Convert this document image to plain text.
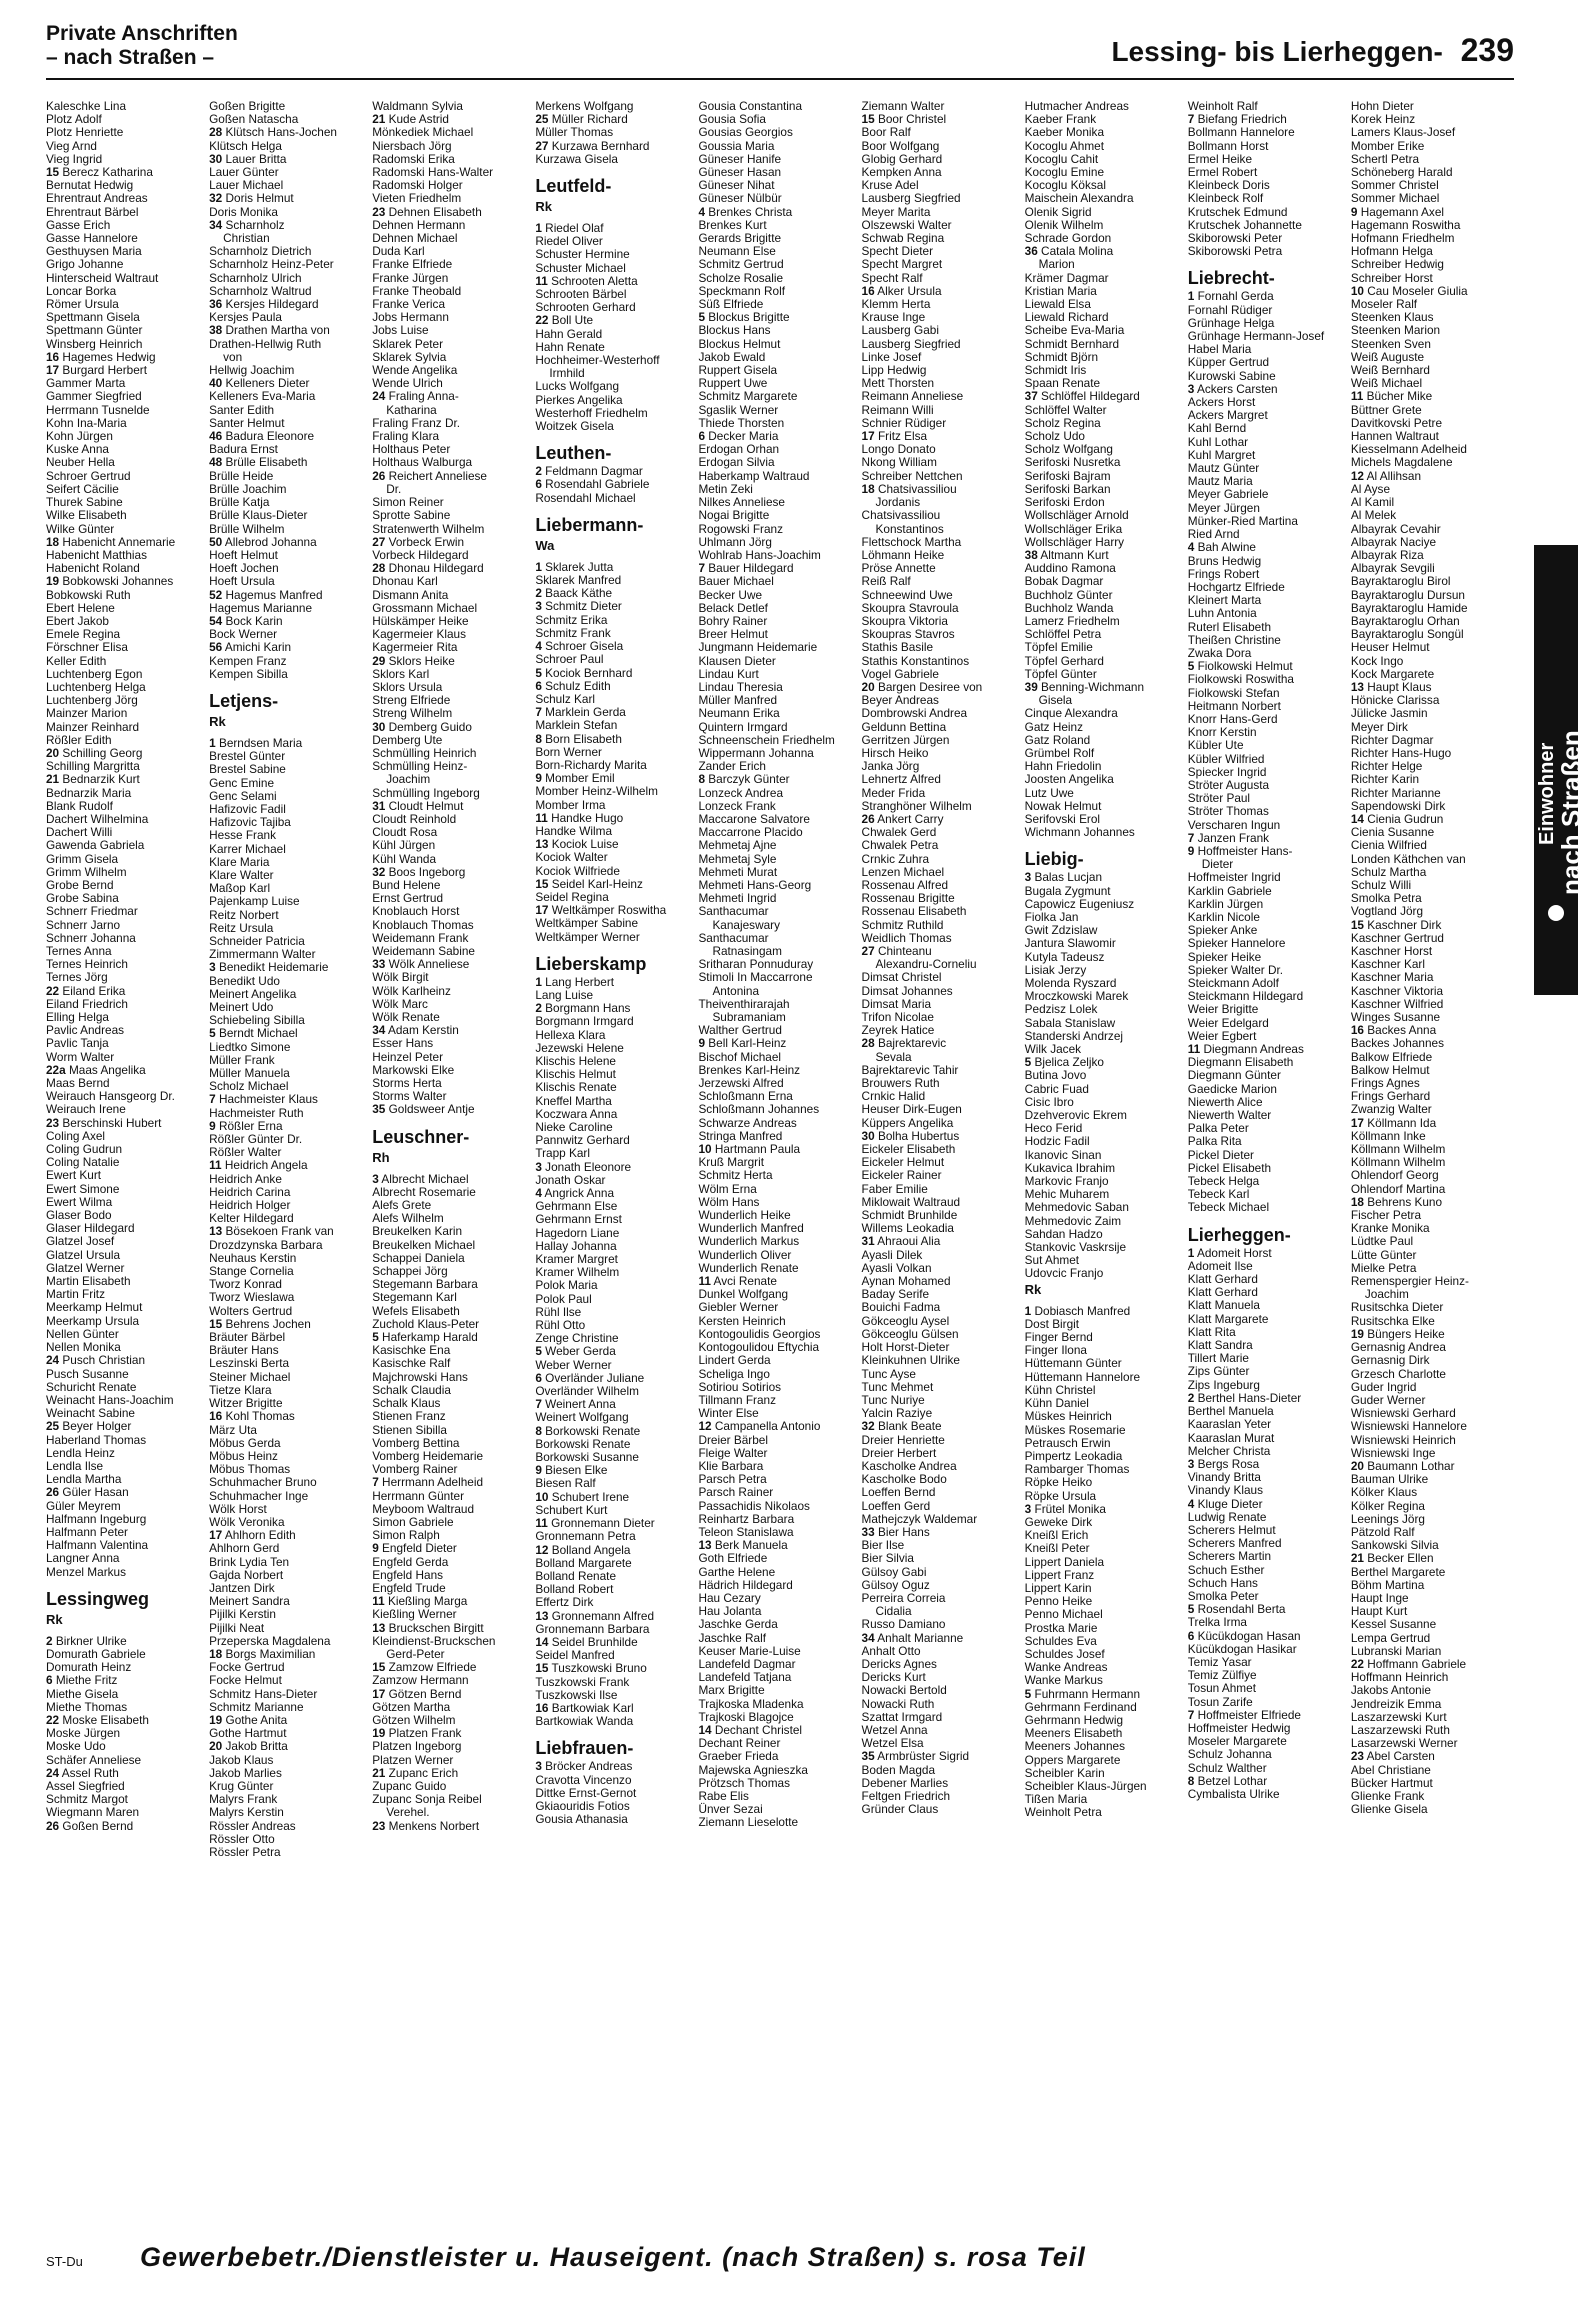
Private Anschriften
– nach Straßen –	Lessing- bis Lierheggen- 239
Kaleschke Lina
Plotz Adolf
Plotz Henriette
Vieg Arnd
Vieg Ingrid
15 Berecz Katharina
Bernutat Hedwig
Ehrentraut Andreas
Ehrentraut Bärbel
Gasse Erich
Gasse Hannelore
Gesthuysen Maria
Grigo Johanne
Hinterscheid Waltraut
Loncar Borka
Römer Ursula
Spettmann Gisela
Spettmann Günter
Winsberg Heinrich
16 Hagemes Hedwig
17 Burgard Herbert
Gammer Marta
Gammer Siegfried
Herrmann Tusnelde
Kohn Ina-Maria
Kohn Jürgen
Kuske Anna
Neuber Hella
Schroer Gertrud
Seifert Cäcilie
Thurek Sabine
Wilke Elisabeth
Wilke Günter
18 Habenicht Annemarie
Habenicht Matthias
Habenicht Roland
19 Bobkowski Johannes
Bobkowski Ruth
Ebert Helene
Ebert Jakob
Emele Regina
Förschner Elisa
Keller Edith
Luchtenberg Egon
Luchtenberg Helga
Luchtenberg Jörg
Mainzer Marion
Mainzer Reinhard
Rößler Edith
20 Schilling Georg
Schilling Margritta
21 Bednarzik Kurt
Bednarzik Maria
Blank Rudolf
Dachert Wilhelmina
Dachert Willi
Gawenda Gabriela
Grimm Gisela
Grimm Wilhelm
Grobe Bernd
Grobe Sabina
Schnerr Friedmar
Schnerr Jarno
Schnerr Johanna
Ternes Anna
Ternes Heinrich
Ternes Jörg
22 Eiland Erika
Eiland Friedrich
Elling Helga
Pavlic Andreas
Pavlic Tanja
Worm Walter
22a Maas Angelika
Maas Bernd
Weirauch Hansgeorg Dr.
Weirauch Irene
23 Berschinski Hubert
Coling Axel
Coling Gudrun
Coling Natalie
Ewert Kurt
Ewert Simone
Ewert Wilma
Glaser Bodo
Glaser Hildegard
Glatzel Josef
Glatzel Ursula
Glatzel Werner
Martin Elisabeth
Martin Fritz
Meerkamp Helmut
Meerkamp Ursula
Nellen Günter
Nellen Monika
24 Pusch Christian
Pusch Susanne
Schuricht Renate
Weinacht Hans-Joachim
Weinacht Sabine
25 Beyer Holger
Haberland Thomas
Lendla Heinz
Lendla Ilse
Lendla Martha
26 Güler Hasan
Güler Meyrem
Halfmann Ingeburg
Halfmann Peter
Halfmann Valentina
Langner Anna
Menzel Markus
Lessingweg
Rk
2 Birkner Ulrike
Domurath Gabriele
Domurath Heinz
6 Miethe Fritz
Miethe Gisela
Miethe Thomas
22 Moske Elisabeth
Moske Jürgen
Moske Udo
Schäfer Anneliese
24 Assel Ruth
Assel Siegfried
Schmitz Margot
Wiegmann Maren
26 Goßen Bernd
Goßen Brigitte
Goßen Natascha
28 Klütsch Hans-Jochen
Klütsch Helga
30 Lauer Britta
Lauer Günter
Lauer Michael
32 Doris Helmut
Doris Monika
34 Scharnholz
Christian
Scharnholz Dietrich
Scharnholz Heinz-Peter
Scharnholz Ulrich
Scharnholz Waltrud
36 Kersjes Hildegard
Kersjes Paula
38 Drathen Martha von
Drathen-Hellwig Ruth
von
Hellwig Joachim
40 Kelleners Dieter
Kelleners Eva-Maria
Santer Edith
Santer Helmut
46 Badura Eleonore
Badura Ernst
48 Brülle Elisabeth
Brülle Heide
Brülle Joachim
Brülle Katja
Brülle Klaus-Dieter
Brülle Wilhelm
50 Allebrod Johanna
Hoeft Helmut
Hoeft Jochen
Hoeft Ursula
52 Hagemus Manfred
Hagemus Marianne
54 Bock Karin
Bock Werner
56 Amichi Karin
Kempen Franz
Kempen Sibilla
Letjens-
Rk
1 Berndsen Maria
Brestel Günter
Brestel Sabine
Genc Emine
Genc Selami
Hafizovic Fadil
Hafizovic Tajiba
Hesse Frank
Karrer Michael
Klare Maria
Klare Walter
Maßop Karl
Pajenkamp Luise
Reitz Norbert
Reitz Ursula
Schneider Patricia
Zimmermann Walter
3 Benedikt Heidemarie
Benedikt Udo
Meinert Angelika
Meinert Udo
Schiebeling Sibilla
5 Berndt Michael
Liedtko Simone
Müller Frank
Müller Manuela
Scholz Michael
7 Hachmeister Klaus
Hachmeister Ruth
9 Rößler Erna
Rößler Günter Dr.
Rößler Walter
11 Heidrich Angela
Heidrich Anke
Heidrich Carina
Heidrich Holger
Kelter Hildegard
13 Bösekoen Frank van
Drozdzynska Barbara
Neuhaus Kerstin
Stange Cornelia
Tworz Konrad
Tworz Wieslawa
Wolters Gertrud
15 Behrens Jochen
Bräuter Bärbel
Bräuter Hans
Leszinski Berta
Steiner Michael
Tietze Klara
Witzer Brigitte
16 Kohl Thomas
März Uta
Möbus Gerda
Möbus Heinz
Möbus Thomas
Schuhmacher Bruno
Schuhmacher Inge
Wölk Horst
Wölk Veronika
17 Ahlhorn Edith
Ahlhorn Gerd
Brink Lydia Ten
Gajda Norbert
Jantzen Dirk
Meinert Sandra
Pijilki Kerstin
Pijilki Neat
Przeperska Magdalena
18 Borgs Maximilian
Focke Gertrud
Focke Helmut
Schmitz Hans-Dieter
Schmitz Marianne
19 Gothe Anita
Gothe Hartmut
20 Jakob Britta
Jakob Klaus
Jakob Marlies
Krug Günter
Malyrs Frank
Malyrs Kerstin
Rössler Andreas
Rössler Otto
Rössler Petra
Waldmann Sylvia
21 Kude Astrid
Mönkediek Michael
Niersbach Jörg
Radomski Erika
Radomski Hans-Walter
Radomski Holger
Vieten Friedhelm
23 Dehnen Elisabeth
Dehnen Hermann
Dehnen Michael
Duda Karl
Franke Elfriede
Franke Jürgen
Franke Theobald
Franke Verica
Jobs Hermann
Jobs Luise
Sklarek Peter
Sklarek Sylvia
Wende Angelika
Wende Ulrich
24 Fraling Anna-
Katharina
Fraling Franz Dr.
Fraling Klara
Holthaus Peter
Holthaus Walburga
26 Reichert Anneliese
Dr.
Simon Reiner
Sprotte Sabine
Stratenwerth Wilhelm
27 Vorbeck Erwin
Vorbeck Hildegard
28 Dhonau Hildegard
Dhonau Karl
Dismann Anita
Grossmann Michael
Hülskämper Heike
Kagermeier Klaus
Kagermeier Rita
29 Sklors Heike
Sklors Karl
Sklors Ursula
Streng Elfriede
Streng Wilhelm
30 Demberg Guido
Demberg Ute
Schmülling Heinrich
Schmülling Heinz-
Joachim
Schmülling Ingeborg
31 Cloudt Helmut
Cloudt Reinhold
Cloudt Rosa
Kühl Jürgen
Kühl Wanda
32 Boos Ingeborg
Bund Helene
Ernst Gertrud
Knoblauch Horst
Knoblauch Thomas
Weidemann Frank
Weidemann Sabine
33 Wölk Anneliese
Wölk Birgit
Wölk Karlheinz
Wölk Marc
Wölk Renate
34 Adam Kerstin
Esser Hans
Heinzel Peter
Markowski Elke
Storms Herta
Storms Walter
35 Goldsweer Antje
Leuschner-
Rh
3 Albrecht Michael
Albrecht Rosemarie
Alefs Grete
Alefs Wilhelm
Breukelken Karin
Breukelken Michael
Schappei Daniela
Schappei Jörg
Stegemann Barbara
Stegemann Karl
Wefels Elisabeth
Zuchold Klaus-Peter
5 Haferkamp Harald
Kasischke Ena
Kasischke Ralf
Majchrowski Hans
Schalk Claudia
Schalk Klaus
Stienen Franz
Stienen Sibilla
Vomberg Bettina
Vomberg Heidemarie
Vomberg Rainer
7 Herrmann Adelheid
Herrmann Günter
Meyboom Waltraud
Simon Gabriele
Simon Ralph
9 Engfeld Dieter
Engfeld Gerda
Engfeld Hans
Engfeld Trude
11 Kießling Marga
Kießling Werner
13 Bruckschen Birgitt
Kleindienst-Bruckschen
Gerd-Peter
15 Zamzow Elfriede
Zamzow Hermann
17 Götzen Bernd
Götzen Martha
Götzen Wilhelm
19 Platzen Frank
Platzen Ingeborg
Platzen Werner
21 Zupanc Erich
Zupanc Guido
Zupanc Sonja Reibel
Verehel.
23 Menkens Norbert
Merkens Wolfgang
25 Müller Richard
Müller Thomas
27 Kurzawa Bernhard
Kurzawa Gisela
Leutfeld-
Rk
1 Riedel Olaf
Riedel Oliver
Schuster Hermine
Schuster Michael
11 Schrooten Aletta
Schrooten Bärbel
Schrooten Gerhard
22 Boll Ute
Hahn Gerald
Hahn Renate
Hochheimer-Westerhoff
Irmhild
Lucks Wolfgang
Pierkes Angelika
Westerhoff Friedhelm
Woitzek Gisela
Leuthen-
2 Feldmann Dagmar
6 Rosendahl Gabriele
Rosendahl Michael
Liebermann-
Wa
1 Sklarek Jutta
Sklarek Manfred
2 Baack Käthe
3 Schmitz Dieter
Schmitz Erika
Schmitz Frank
4 Schroer Gisela
Schroer Paul
5 Kociok Bernhard
6 Schulz Edith
Schulz Karl
7 Marklein Gerda
Marklein Stefan
8 Born Elisabeth
Born Werner
Born-Richardy Marita
9 Momber Emil
Momber Heinz-Wilhelm
Momber Irma
11 Handke Hugo
Handke Wilma
13 Kociok Luise
Kociok Walter
Kociok Wilfriede
15 Seidel Karl-Heinz
Seidel Regina
17 Weltkämper Roswitha
Weltkämper Sabine
Weltkämper Werner
Lieberskamp
1 Lang Herbert
Lang Luise
2 Borgmann Hans
Borgmann Irmgard
Hellexa Klara
Jezewski Helene
Klischis Helene
Klischis Helmut
Klischis Renate
Kneffel Martha
Koczwara Anna
Nieke Caroline
Pannwitz Gerhard
Trapp Karl
3 Jonath Eleonore
Jonath Oskar
4 Angrick Anna
Gehrmann Else
Gehrmann Ernst
Hagedorn Liane
Hallay Johanna
Kramer Margret
Kramer Wilhelm
Polok Maria
Polok Paul
Rühl Ilse
Rühl Otto
Zenge Christine
5 Weber Gerda
Weber Werner
6 Overländer Juliane
Overländer Wilhelm
7 Weinert Anna
Weinert Wolfgang
8 Borkowski Renate
Borkowski Renate
Borkowski Susanne
9 Biesen Elke
Biesen Ralf
10 Schubert Irene
Schubert Kurt
11 Gronnemann Dieter
Gronnemann Petra
12 Bolland Angela
Bolland Margarete
Bolland Renate
Bolland Robert
Effertz Dirk
13 Gronnemann Alfred
Gronnemann Barbara
14 Seidel Brunhilde
Seidel Manfred
15 Tuszkowski Bruno
Tuszkowski Frank
Tuszkowski Ilse
16 Bartkowiak Karl
Bartkowiak Wanda
Liebfrauen-
3 Bröcker Andreas
Cravotta Vincenzo
Dittke Ernst-Gernot
Gkiaouridis Fotios
Gousia Athanasia
Gousia Constantina
Gousia Sofia
Gousias Georgios
Goussia Maria
Güneser Hanife
Güneser Hasan
Güneser Nihat
Güneser Nülbür
4 Brenkes Christa
Brenkes Kurt
Gerards Brigitte
Neumann Else
Schmitz Gertrud
Scholze Rosalie
Speckmann Rolf
Süß Elfriede
5 Blockus Brigitte
Blockus Hans
Blockus Helmut
Jakob Ewald
Ruppert Gisela
Ruppert Uwe
Schmitz Margarete
Sgaslik Werner
Thiede Thorsten
6 Decker Maria
Erdogan Orhan
Erdogan Silvia
Haberkamp Waltraud
Metin Zeki
Nilkes Anneliese
Nogai Brigitte
Rogowski Franz
Uhlmann Jörg
Wohlrab Hans-Joachim
7 Bauer Hildegard
Bauer Michael
Becker Uwe
Belack Detlef
Bohry Rainer
Breer Helmut
Jungmann Heidemarie
Klausen Dieter
Lindau Kurt
Lindau Theresia
Müller Manfred
Neumann Erika
Quintern Irmgard
Schneenschein Friedhelm
Wippermann Johanna
Zander Erich
8 Barczyk Günter
Lonzeck Andrea
Lonzeck Frank
Maccarone Salvatore
Maccarrone Placido
Mehmetaj Ajne
Mehmetaj Syle
Mehmeti Murat
Mehmeti Hans-Georg
Mehmeti Ingrid
Santhacumar
Kanajeswary
Santhacumar
Ratnasingam
Sritharan Ponnuduray
Stimoli In Maccarrone
Antonina
Theiventhirarajah
Subramaniam
Walther Gertrud
9 Bell Karl-Heinz
Bischof Michael
Brenkes Karl-Heinz
Jerzewski Alfred
Schloßmann Erna
Schloßmann Johannes
Schwarze Andreas
Stringa Manfred
10 Hartmann Paula
Kruß Margrit
Schmitz Herta
Wölm Erna
Wölm Hans
Wunderlich Heike
Wunderlich Manfred
Wunderlich Markus
Wunderlich Oliver
Wunderlich Renate
11 Avci Renate
Dunkel Wolfgang
Giebler Werner
Kersten Heinrich
Kontogoulidis Georgios
Kontogoulidou Eftychia
Lindert Gerda
Scheliga Ingo
Sotiriou Sotirios
Tillmann Franz
Winter Else
12 Campanella Antonio
Dreier Bärbel
Fleige Walter
Klie Barbara
Parsch Petra
Parsch Rainer
Passachidis Nikolaos
Reinhartz Barbara
Teleon Stanislawa
13 Berk Manuela
Goth Elfriede
Garthe Helene
Hädrich Hildegard
Hau Cezary
Hau Jolanta
Jaschke Gerda
Jaschke Ralf
Keuser Marie-Luise
Landefeld Dagmar
Landefeld Tatjana
Marx Brigitte
Trajkoska Mladenka
Trajkoski Blagojce
14 Dechant Christel
Dechant Reiner
Graeber Frieda
Majewska Agnieszka
Prötzsch Thomas
Rabe Elis
Ünver Sezai
Ziemann Lieselotte
Ziemann Walter
15 Boor Christel
Boor Ralf
Boor Wolfgang
Globig Gerhard
Kempken Anna
Kruse Adel
Lausberg Siegfried
Meyer Marita
Olszewski Walter
Schwab Regina
Specht Dieter
Specht Margret
Specht Ralf
16 Alker Ursula
Klemm Herta
Krause Inge
Lausberg Gabi
Lausberg Siegfried
Linke Josef
Lipp Hedwig
Mett Thorsten
Reimann Anneliese
Reimann Willi
Schnier Rüdiger
17 Fritz Elsa
Longo Donato
Nkong William
Schreiber Nettchen
18 Chatsivassiliou
Jordanis
Chatsivassiliou
Konstantinos
Flettschock Martha
Löhmann Heike
Pröse Annette
Reiß Ralf
Schneewind Uwe
Skoupra Stavroula
Skoupra Viktoria
Skoupras Stavros
Stathis Basile
Stathis Konstantinos
Vogel Gabriele
20 Bargen Desiree von
Beyer Andreas
Dombrowski Andrea
Geldunn Bettina
Gerritzen Jürgen
Hirsch Heiko
Janka Jörg
Lehnertz Alfred
Meder Frida
Stranghöner Wilhelm
26 Ankert Carry
Chwalek Gerd
Chwalek Petra
Crnkic Zuhra
Lenzen Michael
Rossenau Alfred
Rossenau Brigitte
Rossenau Elisabeth
Schmitz Ruthild
Weidlich Thomas
27 Chinteanu
Alexandru-Corneliu
Dimsat Christel
Dimsat Johannes
Dimsat Maria
Trifon Nicolae
Zeyrek Hatice
28 Bajrektarevic
Sevala
Bajrektarevic Tahir
Brouwers Ruth
Crnkic Halid
Heuser Dirk-Eugen
Küppers Angelika
30 Bolha Hubertus
Eickeler Elisabeth
Eickeler Helmut
Eickeler Rainer
Faber Emilie
Miklowait Waltraud
Schmidt Brunhilde
Willems Leokadia
31 Ahraoui Alia
Ayasli Dilek
Ayasli Volkan
Aynan Mohamed
Baday Serife
Bouichi Fadma
Gökceoglu Aysel
Gökceoglu Gülsen
Holt Horst-Dieter
Kleinkuhnen Ulrike
Tunc Ayse
Tunc Mehmet
Tunc Nuriye
Yalcin Raziye
32 Blank Beate
Dreier Henriette
Dreier Herbert
Kascholke Andrea
Kascholke Bodo
Loeffen Bernd
Loeffen Gerd
Mathejczyk Waldemar
33 Bier Hans
Bier Ilse
Bier Silvia
Gülsoy Gabi
Gülsoy Oguz
Perreira Correia
Cidalia
Russo Damiano
34 Anhalt Marianne
Anhalt Otto
Dericks Agnes
Dericks Kurt
Nowacki Bertold
Nowacki Ruth
Szattat Irmgard
Wetzel Anna
Wetzel Elsa
35 Armbrüster Sigrid
Boden Magda
Debener Marlies
Feltgen Friedrich
Gründer Claus
Hutmacher Andreas
Kaeber Frank
Kaeber Monika
Kocoglu Ahmet
Kocoglu Cahit
Kocoglu Emine
Kocoglu Köksal
Maischein Alexandra
Olenik Sigrid
Olenik Wilhelm
Schrade Gordon
36 Catala Molina
Marion
Krämer Dagmar
Kristian Maria
Liewald Elsa
Liewald Richard
Scheibe Eva-Maria
Schmidt Bernhard
Schmidt Björn
Schmidt Iris
Spaan Renate
37 Schlöffel Hildegard
Schlöffel Walter
Scholz Regina
Scholz Udo
Scholz Wolfgang
Serifoski Nusretka
Serifoski Bajram
Serifoski Barkan
Serifoski Erdon
Wollschläger Arnold
Wollschläger Erika
Wollschläger Harry
38 Altmann Kurt
Auddino Ramona
Bobak Dagmar
Buchholz Günter
Buchholz Wanda
Lamerz Friedhelm
Schlöffel Petra
Töpfel Emilie
Töpfel Gerhard
Töpfel Günter
39 Benning-Wichmann
Gisela
Cinque Alexandra
Gatz Heinz
Gatz Roland
Grümbel Rolf
Hahn Friedolin
Joosten Angelika
Lutz Uwe
Nowak Helmut
Serifovski Erol
Wichmann Johannes
Liebig-
3 Balas Lucjan
Bugala Zygmunt
Capowicz Eugeniusz
Fiolka Jan
Gwit Zdzislaw
Jantura Slawomir
Kutyla Tadeusz
Lisiak Jerzy
Molenda Ryszard
Mroczkowski Marek
Pedzisz Lolek
Sabala Stanislaw
Standerski Andrzej
Wilk Jacek
5 Bjelica Zeljko
Butina Jovo
Cabric Fuad
Cisic Ibro
Dzehverovic Ekrem
Heco Ferid
Hodzic Fadil
Ikanovic Sinan
Kukavica Ibrahim
Markovic Franjo
Mehic Muharem
Mehmedovic Saban
Mehmedovic Zaim
Sahdan Hadzo
Stankovic Vaskrsije
Sut Ahmet
Udovcic Franjo
Rk
1 Dobiasch Manfred
Dost Birgit
Finger Bernd
Finger Ilona
Hüttemann Günter
Hüttemann Hannelore
Kühn Christel
Kühn Daniel
Müskes Heinrich
Müskes Rosemarie
Petrausch Erwin
Pimpertz Leokadia
Rambarger Thomas
Röpke Heiko
Röpke Ursula
3 Frütel Monika
Geweke Dirk
Kneißl Erich
Kneißl Peter
Lippert Daniela
Lippert Franz
Lippert Karin
Penno Heike
Penno Michael
Prostka Marie
Schuldes Eva
Schuldes Josef
Wanke Andreas
Wanke Markus
5 Fuhrmann Hermann
Gehrmann Ferdinand
Gehrmann Hedwig
Meeners Elisabeth
Meeners Johannes
Oppers Margarete
Scheibler Karin
Scheibler Klaus-Jürgen
Tißen Maria
Weinholt Petra
Weinholt Ralf
7 Biefang Friedrich
Bollmann Hannelore
Bollmann Horst
Ermel Heike
Ermel Robert
Kleinbeck Doris
Kleinbeck Rolf
Krutschek Edmund
Krutschek Johannette
Skiborowski Peter
Skiborowski Petra
Liebrecht-
1 Fornahl Gerda
Fornahl Rüdiger
Grünhage Helga
Grünhage Hermann-Josef
Habel Maria
Küpper Gertrud
Kurowski Sabine
3 Ackers Carsten
Ackers Horst
Ackers Margret
Kahl Bernd
Kuhl Lothar
Kuhl Margret
Mautz Günter
Mautz Maria
Meyer Gabriele
Meyer Jürgen
Münker-Ried Martina
Ried Arnd
4 Bah Alwine
Bruns Hedwig
Frings Robert
Hochgartz Elfriede
Kleinert Marta
Luhn Antonia
Ruterl Elisabeth
Theißen Christine
Zwaka Dora
5 Fiolkowski Helmut
Fiolkowski Roswitha
Fiolkowski Stefan
Heitmann Norbert
Knorr Hans-Gerd
Knorr Kerstin
Kübler Ute
Kübler Wilfried
Spiecker Ingrid
Ströter Augusta
Ströter Paul
Ströter Thomas
Verscharen Ingun
7 Janzen Frank
9 Hoffmeister Hans-
Dieter
Hoffmeister Ingrid
Karklin Gabriele
Karklin Jürgen
Karklin Nicole
Spieker Anke
Spieker Hannelore
Spieker Heike
Spieker Walter Dr.
Steickmann Adolf
Steickmann Hildegard
Weier Brigitte
Weier Edelgard
Weier Egbert
11 Diegmann Andreas
Diegmann Elisabeth
Diegmann Günter
Gaedicke Marion
Niewerth Alice
Niewerth Walter
Palka Peter
Palka Rita
Pickel Dieter
Pickel Elisabeth
Tebeck Helga
Tebeck Karl
Tebeck Michael
Lierheggen-
1 Adomeit Horst
Adomeit Ilse
Klatt Gerhard
Klatt Gerhard
Klatt Manuela
Klatt Margarete
Klatt Rita
Klatt Sandra
Tillert Marie
Zips Günter
Zips Ingeburg
2 Berthel Hans-Dieter
Berthel Manuela
Kaaraslan Yeter
Kaaraslan Murat
Melcher Christa
3 Bergs Rosa
Vinandy Britta
Vinandy Klaus
4 Kluge Dieter
Ludwig Renate
Scherers Helmut
Scherers Manfred
Scherers Martin
Schuch Esther
Schuch Hans
Smolka Peter
5 Rosendahl Berta
Trelka Irma
6 Kücükdogan Hasan
Kücükdogan Hasikar
Temiz Yasar
Temiz Zülfiye
Tosun Ahmet
Tosun Zarife
7 Hoffmeister Elfriede
Hoffmeister Hedwig
Moseler Margarete
Schulz Johanna
Schulz Walther
8 Betzel Lothar
Cymbalista Ulrike
Hohn Dieter
Korek Heinz
Lamers Klaus-Josef
Momber Erike
Schertl Petra
Schöneberg Harald
Sommer Christel
Sommer Michael
9 Hagemann Axel
Hagemann Roswitha
Hofmann Friedhelm
Hofmann Helga
Schreiber Hedwig
Schreiber Horst
10 Cau Moseler Giulia
Moseler Ralf
Steenken Klaus
Steenken Marion
Steenken Sven
Weiß Auguste
Weiß Bernhard
Weiß Michael
11 Bücher Mike
Büttner Grete
Davitkovski Petre
Hannen Waltraut
Kiesselmann Adelheid
Michels Magdalene
12 Al Allihsan
Al Ayse
Al Kamil
Al Melek
Albayrak Cevahir
Albayrak Naciye
Albayrak Riza
Albayrak Sevgili
Bayraktaroglu Birol
Bayraktaroglu Dursun
Bayraktaroglu Hamide
Bayraktaroglu Orhan
Bayraktaroglu Songül
Heuser Helmut
Kock Ingo
Kock Margarete
13 Haupt Klaus
Hönicke Clarissa
Jülicke Jasmin
Meyer Dirk
Richter Dagmar
Richter Hans-Hugo
Richter Helge
Richter Karin
Richter Marianne
Sapendowski Dirk
14 Cienia Gudrun
Cienia Susanne
Cienia Wilfried
Londen Käthchen van
Schulz Martha
Schulz Willi
Smolka Petra
Vogtland Jörg
15 Kaschner Dirk
Kaschner Gertrud
Kaschner Horst
Kaschner Karl
Kaschner Maria
Kaschner Viktoria
Kaschner Wilfried
Winges Susanne
16 Backes Anna
Backes Johannes
Balkow Elfriede
Balkow Helmut
Frings Agnes
Frings Gerhard
Zwanzig Walter
17 Köllmann Ida
Köllmann Inke
Köllmann Wilhelm
Köllmann Wilhelm
Ohlendorf Georg
Ohlendorf Martina
18 Behrens Kuno
Fischer Petra
Kranke Monika
Lüdtke Paul
Lütte Günter
Mielke Petra
Remenspergier Heinz-
Joachim
Rusitschka Dieter
Rusitschka Elke
19 Büngers Heike
Gernasnig Andrea
Gernasnig Dirk
Grzesch Charlotte
Guder Ingrid
Guder Werner
Wisniewski Gerhard
Wisniewski Hannelore
Wisniewski Heinrich
Wisniewski Inge
20 Baumann Lothar
Bauman Ulrike
Kölker Klaus
Kölker Regina
Leenings Jörg
Pätzold Ralf
Sankowski Silvia
21 Becker Ellen
Berthel Margarete
Böhm Martina
Haupt Inge
Haupt Kurt
Kessel Susanne
Lempa Gertrud
Lubranski Marian
22 Hoffmann Gabriele
Hoffmann Heinrich
Jakobs Antonie
Jendreizik Emma
Laszarzewski Kurt
Laszarzewski Ruth
Lasarzewski Werner
23 Abel Carsten
Abel Christiane
Bücker Hartmut
Glienke Frank
Glienke Gisela
Einwohner
nach Straßen
ST-Du Gewerbebetr./Dienstleister u. Hauseigent. (nach Straßen) s. rosa Teil
